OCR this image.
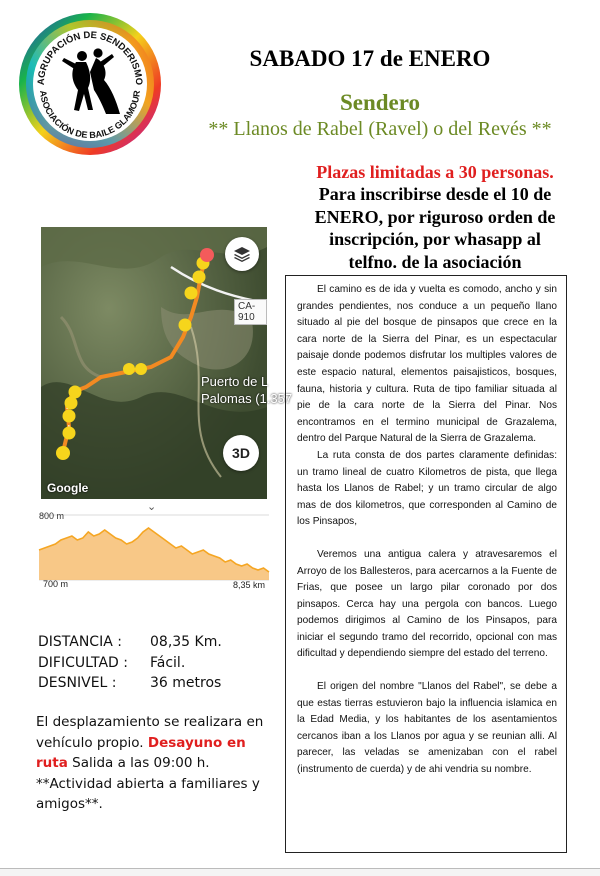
AGRUPACIÓN DE SENDERISMO
ASOCIACIÓN DE BAILE GLAMOUR
SABADO 17 de ENERO
Sendero
** Llanos de Rabel (Ravel) o del Revés **
Plazas limitadas a 30 personas.
Para inscribirse desde el 10 de
ENERO, por riguroso orden de
inscripción, por whasapp al
telfno. de la asociación
CA-910
Puerto de L
Palomas (1.357
3D
Google
⌄
800 m
700 m	8,35 km
DISTANCIA :	08,35 Km.
DIFICULTAD :	Fácil.
DESNIVEL :	36 metros
El desplazamiento se realizara en vehículo propio. Desayuno en ruta Salida a las 09:00 h. **Actividad abierta a familiares y amigos**.

El camino es de ida y vuelta es comodo, ancho y sin grandes pendientes, nos conduce a un pequeño llano situado al pie del bosque de pinsapos que crece en la cara norte de la Sierra del Pinar, es un espectacular paisaje donde podemos disfrutar los multiples valores de este espacio natural, elementos paisajisticos, bosques, fauna, historia y cultura. Ruta de tipo familiar situada al pie de la cara norte de la Sierra del Pinar. Nos encontramos en el termino municipal de Grazalema, dentro del Parque Natural de la Sierra de Grazalema.

La ruta consta de dos partes claramente definidas: un tramo lineal de cuatro Kilometros de pista, que llega hasta los Llanos de Rabel; y un tramo circular de algo mas de dos kilometros, que corresponden al Camino de los Pinsapos,

Veremos una antigua calera y atravesaremos el Arroyo de los Ballesteros, para acercarnos a la Fuente de Frias, que posee un largo pilar coronado por dos pinsapos. Cerca hay una pergola con bancos. Luego podemos dirigimos al Camino de los Pinsapos, para iniciar el segundo tramo del recorrido, opcional con mas dificultad y dependiendo siempre del estado del terreno.

El origen del nombre "Llanos del Rabel", se debe a que estas tierras estuvieron bajo la influencia islamica en la Edad Media, y los habitantes de los asentamientos cercanos iban a los Llanos por agua y se reunian alli. Al parecer, las veladas se amenizaban con el rabel (instrumento de cuerda) y de ahi vendria su nombre.
